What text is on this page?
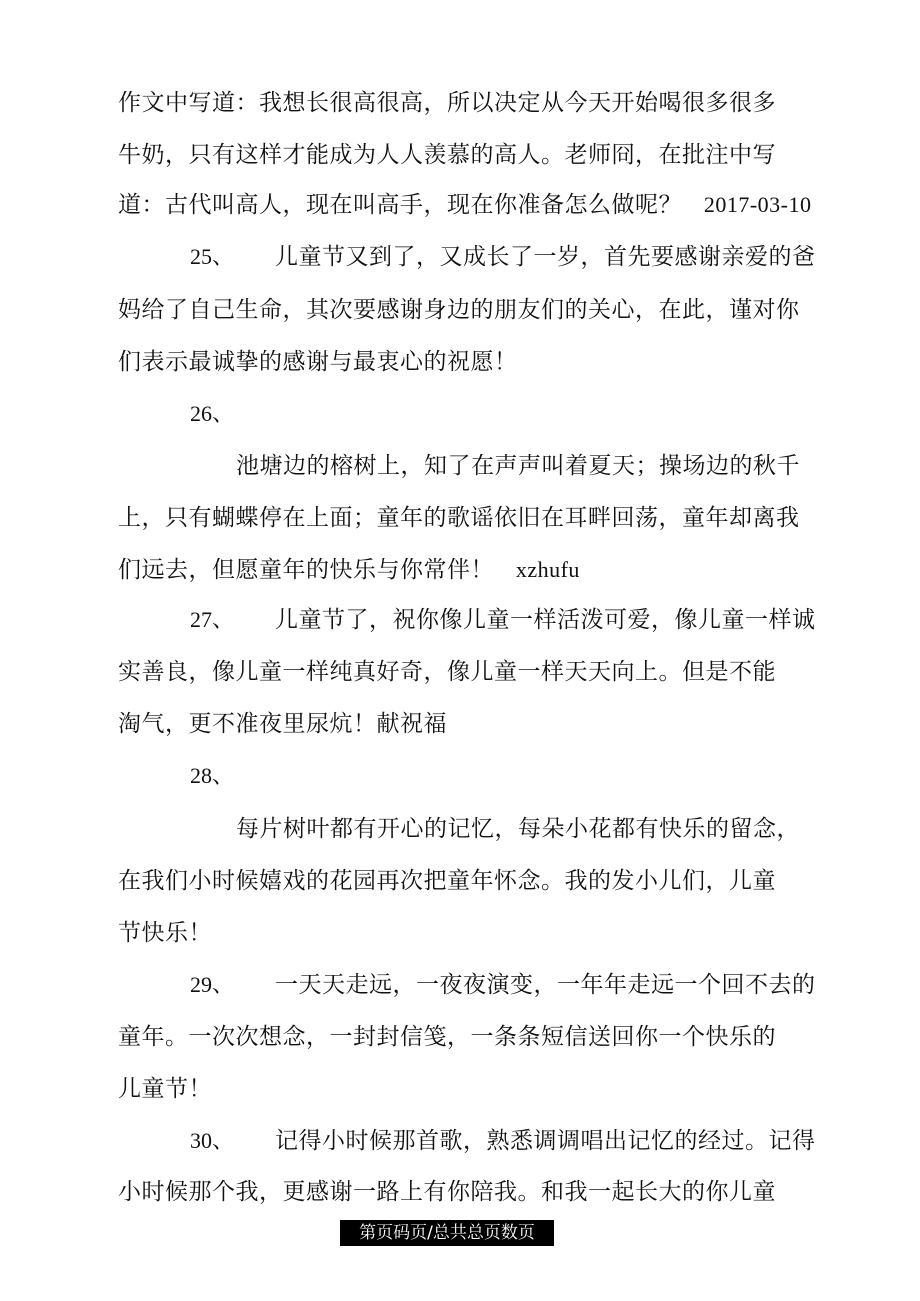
作文中写道：我想长很高很高，所以决定从今天开始喝很多很多
牛奶，只有这样才能成为人人羡慕的高人。老师冏，在批注中写
道：古代叫高人，现在叫高手，现在你准备怎么做呢？ 2017-03-10
25、 儿童节又到了，又成长了一岁，首先要感谢亲爱的爸
妈给了自己生命，其次要感谢身边的朋友们的关心，在此，谨对你
们表示最诚挚的感谢与最衷心的祝愿！
26、
池塘边的榕树上，知了在声声叫着夏天；操场边的秋千
上，只有蝴蝶停在上面；童年的歌谣依旧在耳畔回荡，童年却离我
们远去，但愿童年的快乐与你常伴！ xzhufu
27、 儿童节了，祝你像儿童一样活泼可爱，像儿童一样诚
实善良，像儿童一样纯真好奇，像儿童一样天天向上。但是不能
淘气，更不准夜里尿炕！献祝福
28、
每片树叶都有开心的记忆，每朵小花都有快乐的留念，
在我们小时候嬉戏的花园再次把童年怀念。我的发小儿们，儿童
节快乐！
29、 一天天走远，一夜夜演变，一年年走远一个回不去的
童年。一次次想念，一封封信笺，一条条短信送回你一个快乐的
儿童节！
30、 记得小时候那首歌，熟悉调调唱出记忆的经过。记得
小时候那个我，更感谢一路上有你陪我。和我一起长大的你儿童
第页码页/总共总页数页
